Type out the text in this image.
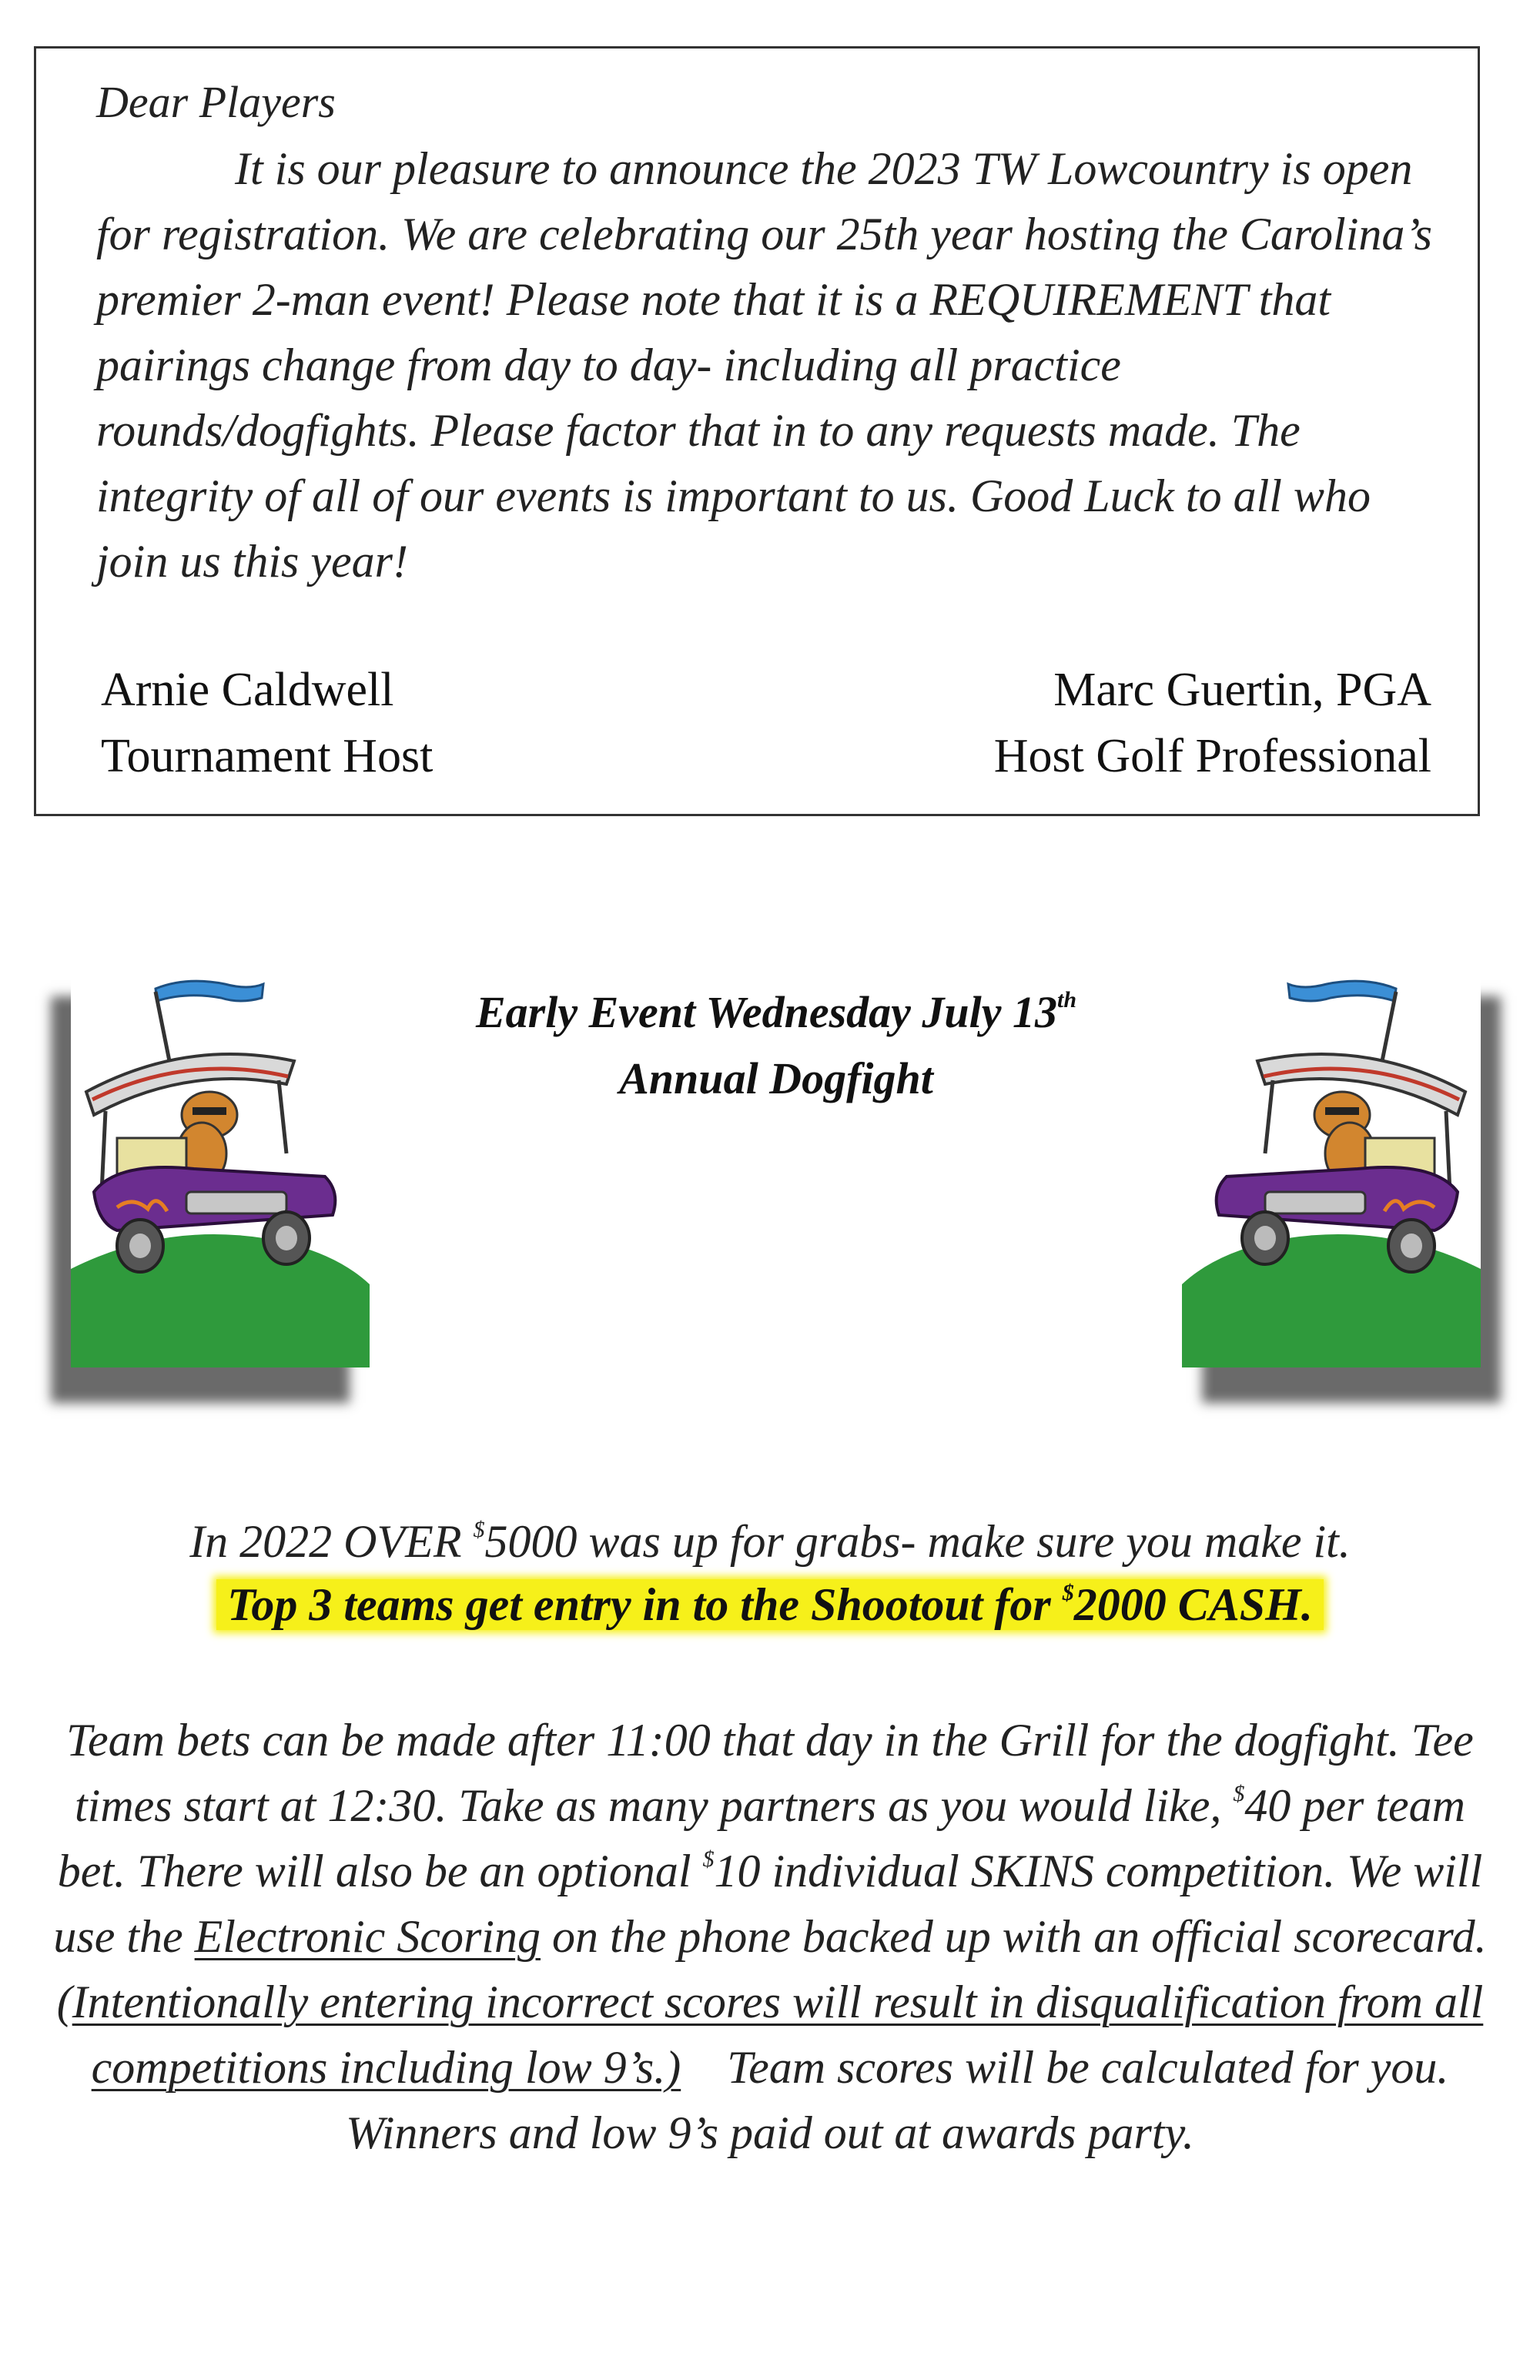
Dear Players
It is our pleasure to announce the 2023 TW Lowcountry is open for registration. We are celebrating our 25th year hosting the Carolina’s premier 2-man event! Please note that it is a REQUIREMENT that pairings change from day to day- including all practice rounds/dogfights. Please factor that in to any requests made. The integrity of all of our events is important to us. Good Luck to all who join us this year!
Arnie Caldwell
Tournament Host
Marc Guertin, PGA
Host Golf Professional
Early Event Wednesday July 13th
Annual Dogfight
In 2022 OVER $5000 was up for grabs- make sure you make it.
Top 3 teams get entry in to the Shootout for $2000 CASH.
Team bets can be made after 11:00 that day in the Grill for the dogfight. Tee times start at 12:30. Take as many partners as you would like, $40 per team bet. There will also be an optional $10 individual SKINS competition. We will use the Electronic Scoring on the phone backed up with an official scorecard. (Intentionally entering incorrect scores will result in disqualification from all competitions including low 9’s.)    Team scores will be calculated for you. Winners and low 9’s paid out at awards party.
